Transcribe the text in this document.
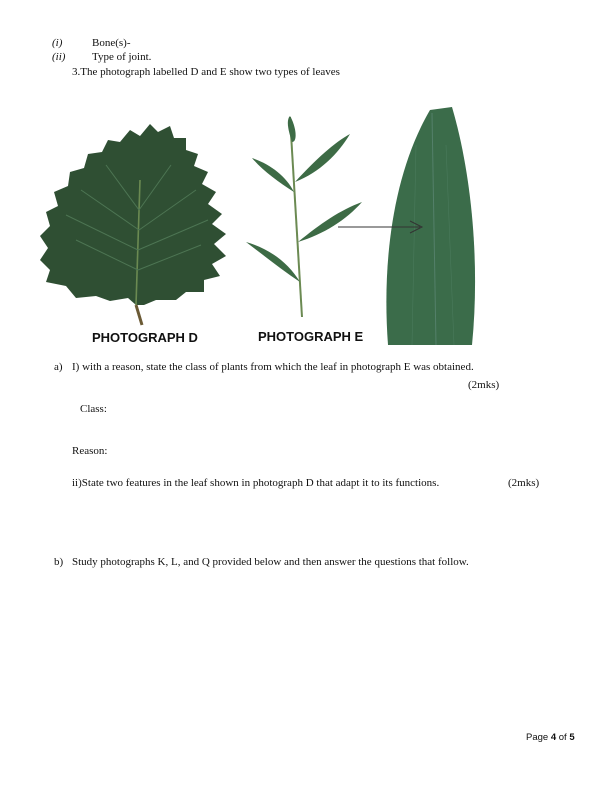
(i)	Bone(s)-
(ii) Type of joint.
3.The photograph labelled D and E show two types of leaves
PHOTOGRAPH D	PHOTOGRAPH E
a) I) with a reason, state the class of plants from which the leaf in photograph E was obtained.
(2mks)
Class:
Reason:
ii)State two features in the leaf shown in photograph D that adapt it to its functions.	(2mks)
b) Study photographs K, L, and Q provided below and then answer the questions that follow.
Page 4 of 5
